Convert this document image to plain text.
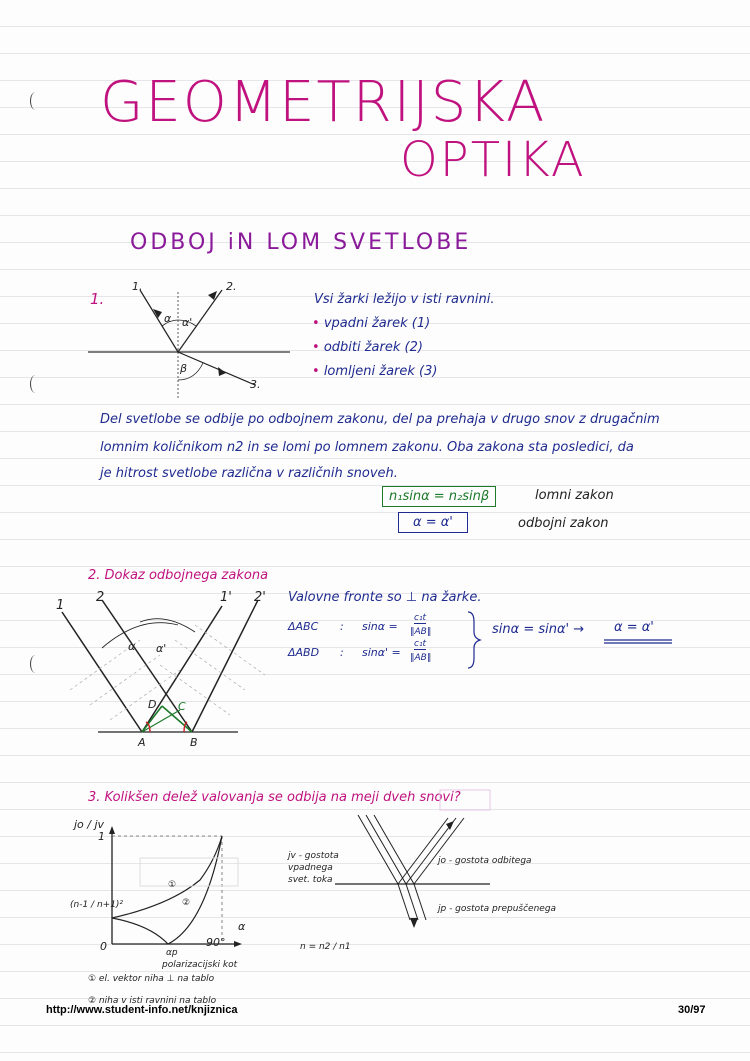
GEOMETRIJSKA
OPTIKA
ODBOJ iN LOM SVETLOBE
1.
1.	2.
3.
α α'
β
Vsi žarki ležijo v isti ravnini.
• vpadni žarek (1)
• odbiti žarek (2)
• lomljeni žarek (3)
Del svetlobe se odbije po odbojnem zakonu, del pa prehaja v drugo snov z drugačnim
lomnim količnikom n2 in se lomi po lomnem zakonu. Oba zakona sta posledici, da
je hitrost svetlobe različna v različnih snoveh.
n₁sinα = n₂sinβ
α = α'
lomni zakon
odbojni zakon
2. Dokaz odbojnega zakona
1
2	1' 2'
α α'
A	B
D C
Valovne fronte so ⊥ na žarke.
ΔABC : sinα =
c₁t
‖AB‖
ΔABD : sinα' =
c₁t
‖AB‖
sinα = sinα' → α = α'
3. Kolikšen delež valovanja se odbija na meji dveh snovi?
jo / jv
1
(n-1 / n+1)²
0	90°
α
αp
polarizacijski kot
①
②
jv - gostota vpadnega svet. toka
jo - gostota odbitega
jp - gostota prepuščenega
n = n2 / n1
① el. vektor niha ⊥ na tablo
② niha v isti ravnini na tablo
http://www.student-info.net/knjiznica	30/97
